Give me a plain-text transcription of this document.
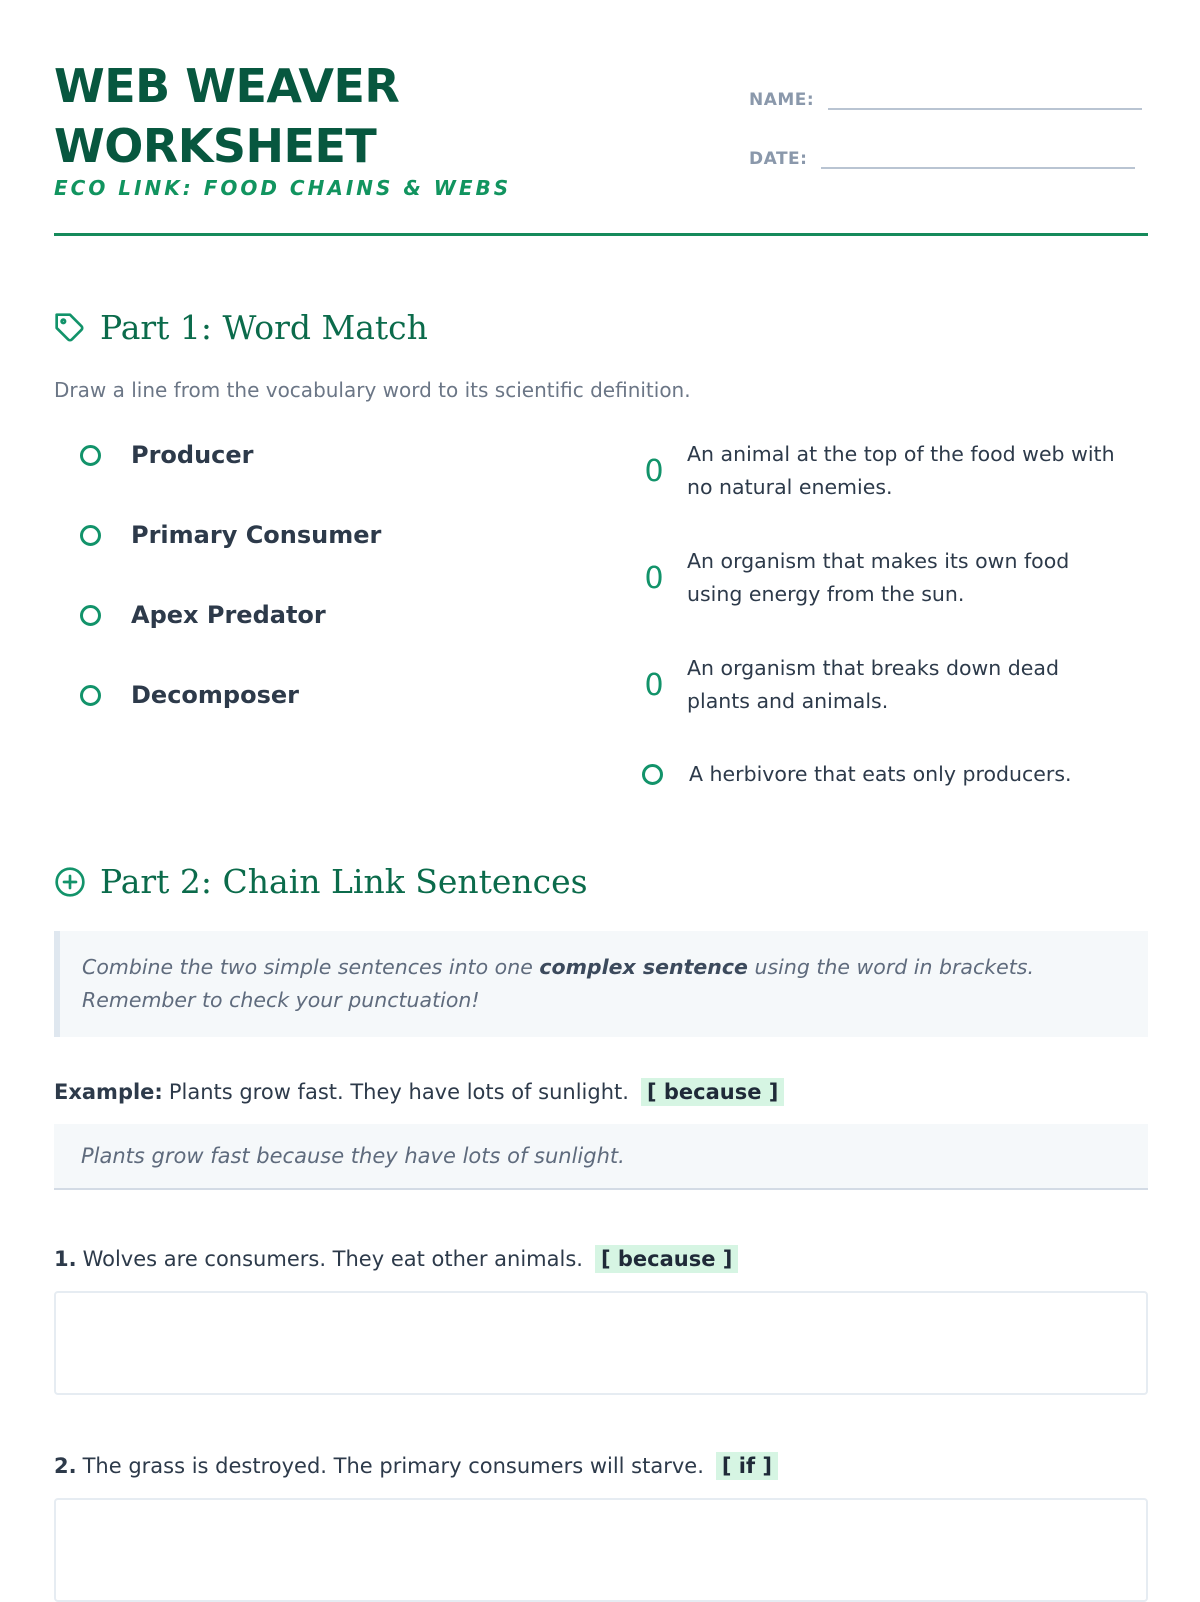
WEB WEAVER
WORKSHEET
ECO LINK: FOOD CHAINS & WEBS
NAME:
DATE:
Part 1: Word Match
Draw a line from the vocabulary word to its scientific definition.
Producer
Primary Consumer
Apex Predator
Decomposer
0 An animal at the top of the food web with no natural enemies.
0 An organism that makes its own food using energy from the sun.
0 An organism that breaks down dead plants and animals.
A herbivore that eats only producers.
Part 2: Chain Link Sentences

Combine the two simple sentences into one complex sentence using the word in brackets.

Remember to check your punctuation!

Example: Plants grow fast. They have lots of sunlight. [ because ]
Plants grow fast because they have lots of sunlight.
1. Wolves are consumers. They eat other animals. [ because ]
2. The grass is destroyed. The primary consumers will starve. [ if ]
